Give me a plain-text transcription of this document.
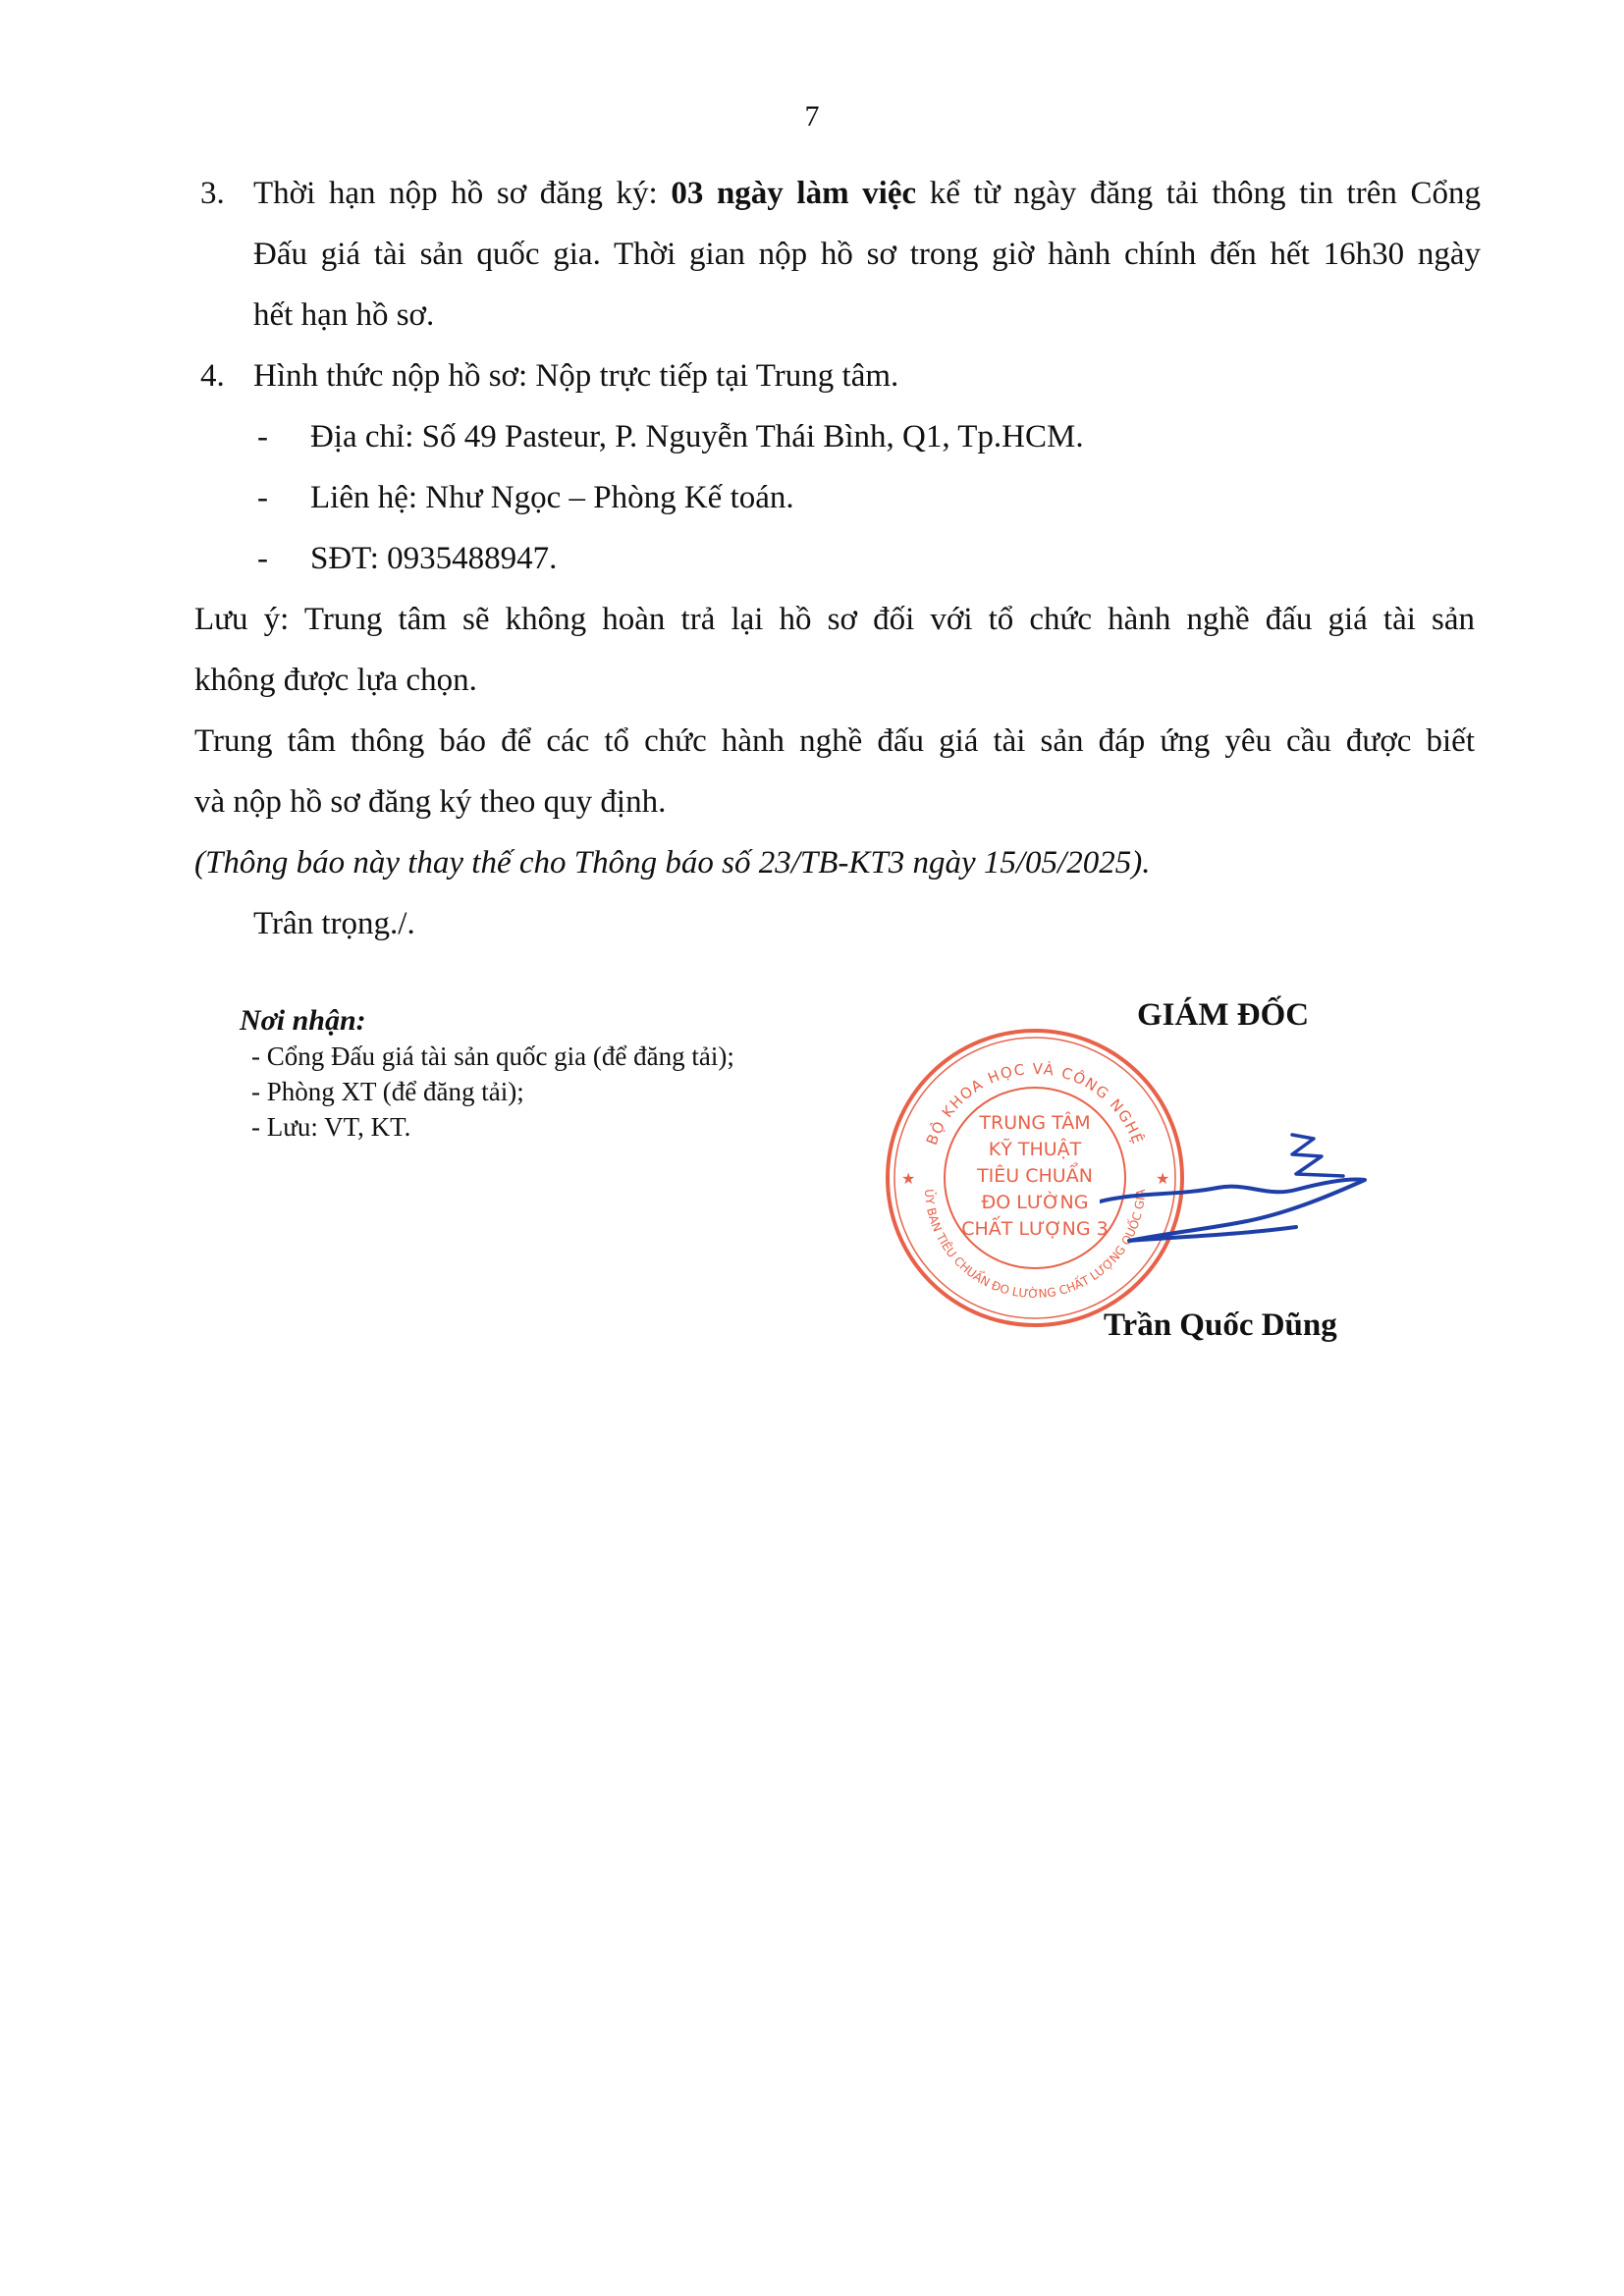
7
3. Thời hạn nộp hồ sơ đăng ký: 03 ngày làm việc kể từ ngày đăng tải thông tin trên Cổng
Đấu giá tài sản quốc gia. Thời gian nộp hồ sơ trong giờ hành chính đến hết 16h30 ngày
hết hạn hồ sơ.
4. Hình thức nộp hồ sơ: Nộp trực tiếp tại Trung tâm.
- Địa chỉ: Số 49 Pasteur, P. Nguyễn Thái Bình, Q1, Tp.HCM.
- Liên hệ: Như Ngọc – Phòng Kế toán.
- SĐT: 0935488947.
Lưu ý: Trung tâm sẽ không hoàn trả lại hồ sơ đối với tổ chức hành nghề đấu giá tài sản
không được lựa chọn.
Trung tâm thông báo để các tổ chức hành nghề đấu giá tài sản đáp ứng yêu cầu được biết
và nộp hồ sơ đăng ký theo quy định.
(Thông báo này thay thế cho Thông báo số 23/TB-KT3 ngày 15/05/2025).
Trân trọng./.
Nơi nhận:
- Cổng Đấu giá tài sản quốc gia (để đăng tải);
- Phòng XT (để đăng tải);
- Lưu: VT, KT.
GIÁM ĐỐC
BỘ KHOA HỌC VÀ CÔNG NGHỆ
ỦY BAN TIÊU CHUẨN ĐO LƯỜNG CHẤT LƯỢNG QUỐC GIA
★	★
TRUNG TÂM
KỸ THUẬT
TIÊU CHUẨN
ĐO LƯỜNG
CHẤT LƯỢNG 3
Trần Quốc Dũng
